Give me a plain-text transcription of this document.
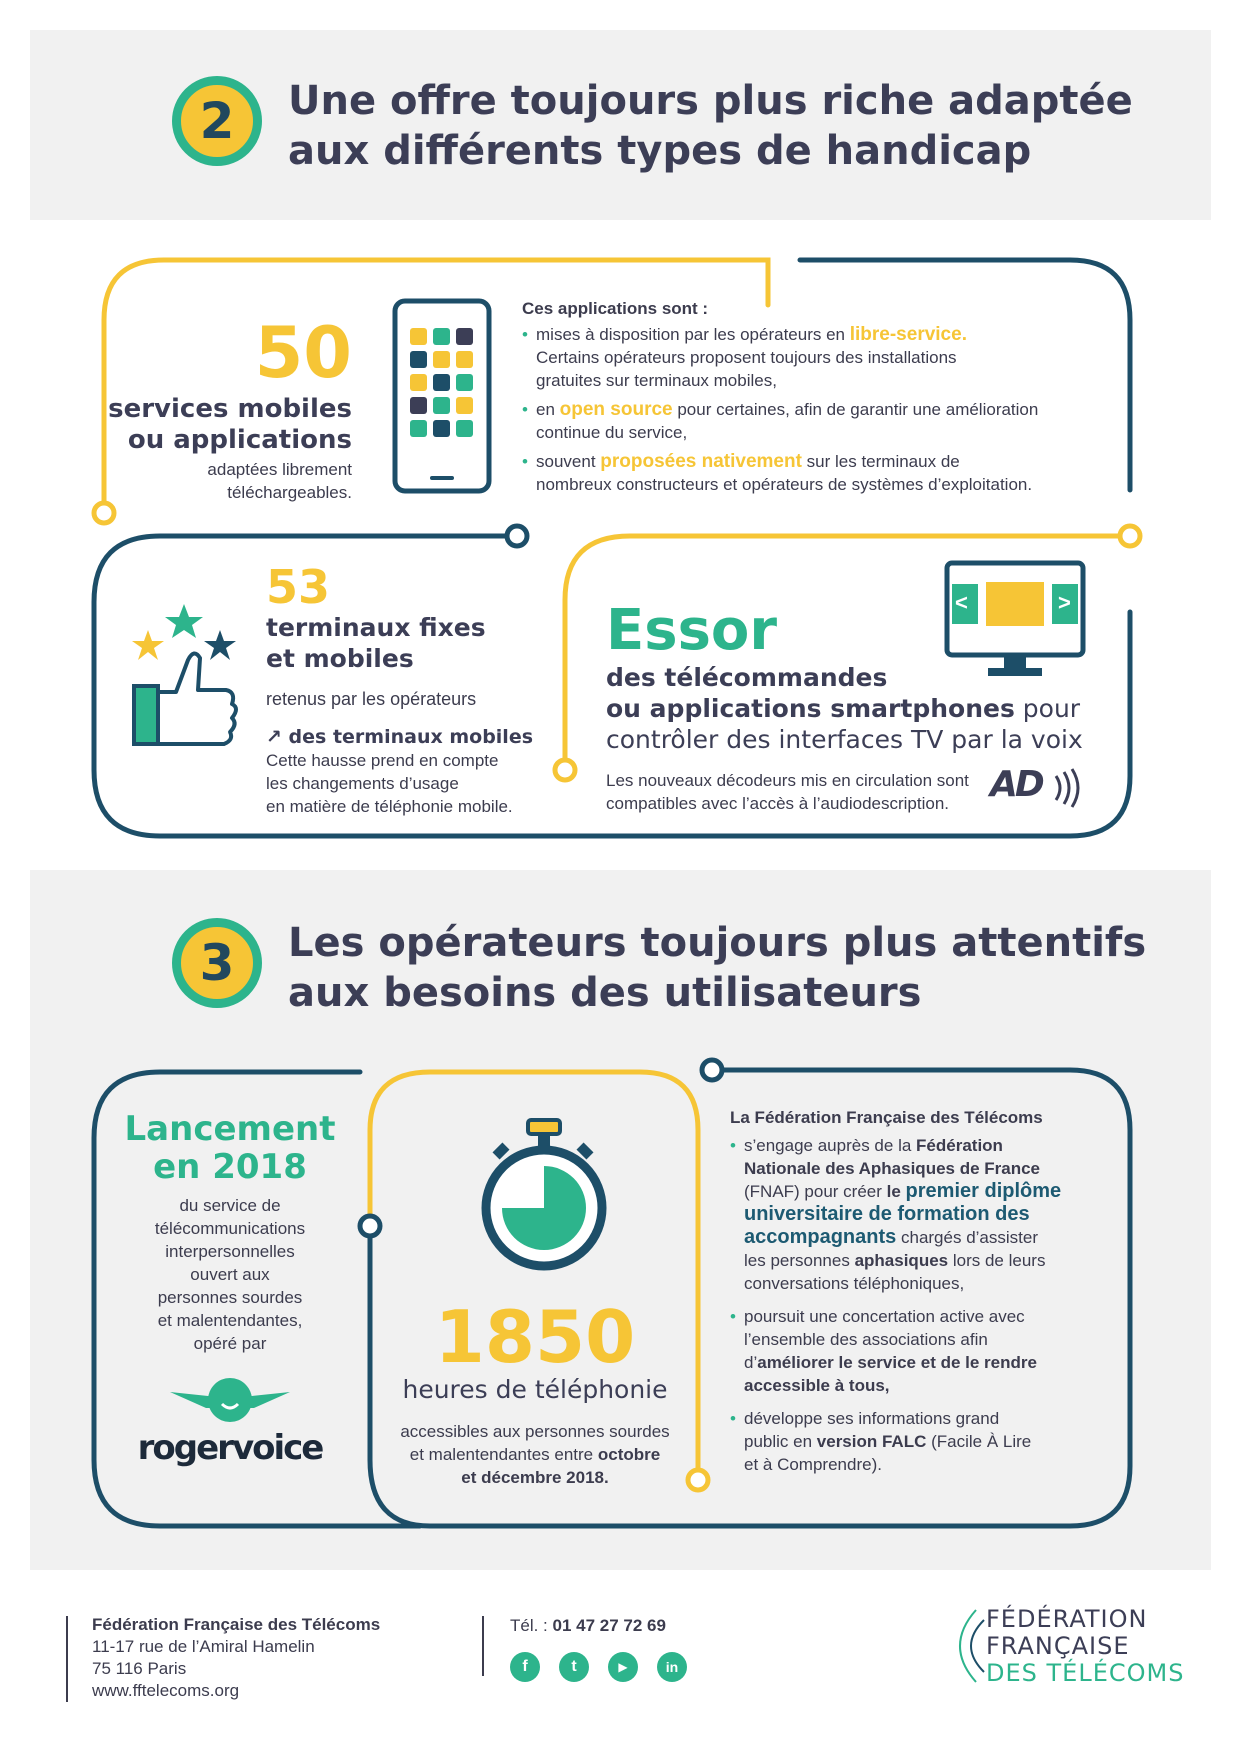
2	Une offre toujours plus riche adaptée
aux différents types de handicap
50
services mobiles
ou applications
adaptées librement
téléchargeables.
Ces applications sont :
• mises à disposition par les opérateurs en libre-service.
Certains opérateurs proposent toujours des installations
gratuites sur terminaux mobiles,
• en open source pour certaines, afin de garantir une amélioration
continue du service,
• souvent proposées nativement sur les terminaux de
nombreux constructeurs et opérateurs de systèmes d’exploitation.
53
terminaux fixes
et mobiles
retenus par les opérateurs
↗ des terminaux mobiles
Cette hausse prend en compte
les changements d’usage
en matière de téléphonie mobile.
<	>
Essor
des télécommandes
ou applications smartphones pour
contrôler des interfaces TV par la voix
Les nouveaux décodeurs mis en circulation sont
compatibles avec l’accès à l’audiodescription.	AD
3	Les opérateurs toujours plus attentifs
aux besoins des utilisateurs
Lancement
en 2018
du service de
télécommunications
interpersonnelles
ouvert aux
personnes sourdes
et malentendantes,
opéré par
rogervoice
1850
heures de téléphonie
accessibles aux personnes sourdes
et malentendantes entre octobre
et décembre 2018.
La Fédération Française des Télécoms
• s’engage auprès de la Fédération
Nationale des Aphasiques de France
(FNAF) pour créer le premier diplôme
universitaire de formation des
accompagnants chargés d’assister
les personnes aphasiques lors de leurs
conversations téléphoniques,
• poursuit une concertation active avec
l’ensemble des associations afin
d’améliorer le service et de le rendre
accessible à tous,
• développe ses informations grand
public en version FALC (Facile À Lire
et à Comprendre).
Fédération Française des Télécoms
11-17 rue de l’Amiral Hamelin
75 116 Paris
www.fftelecoms.org
Tél. : 01 47 27 72 69
f	t	▶	in
FÉDÉRATION
FRANÇAISE
DES TÉLÉCOMS
